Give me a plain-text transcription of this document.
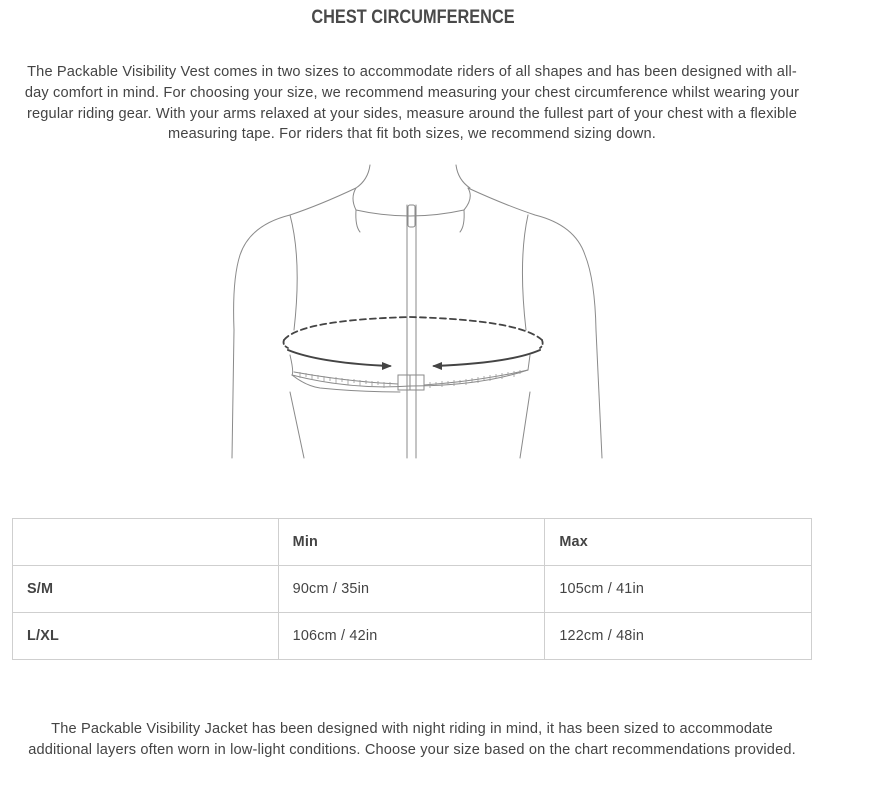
CHEST CIRCUMFERENCE

The Packable Visibility Vest comes in two sizes to accommodate riders of all shapes and has been designed with all-day comfort in mind. For choosing your size, we recommend measuring your chest circumference whilst wearing your regular riding gear. With your arms relaxed at your sides, measure around the fullest part of your chest with a flexible measuring tape. For riders that fit both sizes, we recommend sizing down.

	Min	Max
S/M	90cm / 35in	105cm / 41in
L/XL	106cm / 42in	122cm / 48in

The Packable Visibility Jacket has been designed with night riding in mind, it has been sized to accommodate additional layers often worn in low-light conditions. Choose your size based on the chart recommendations provided.
